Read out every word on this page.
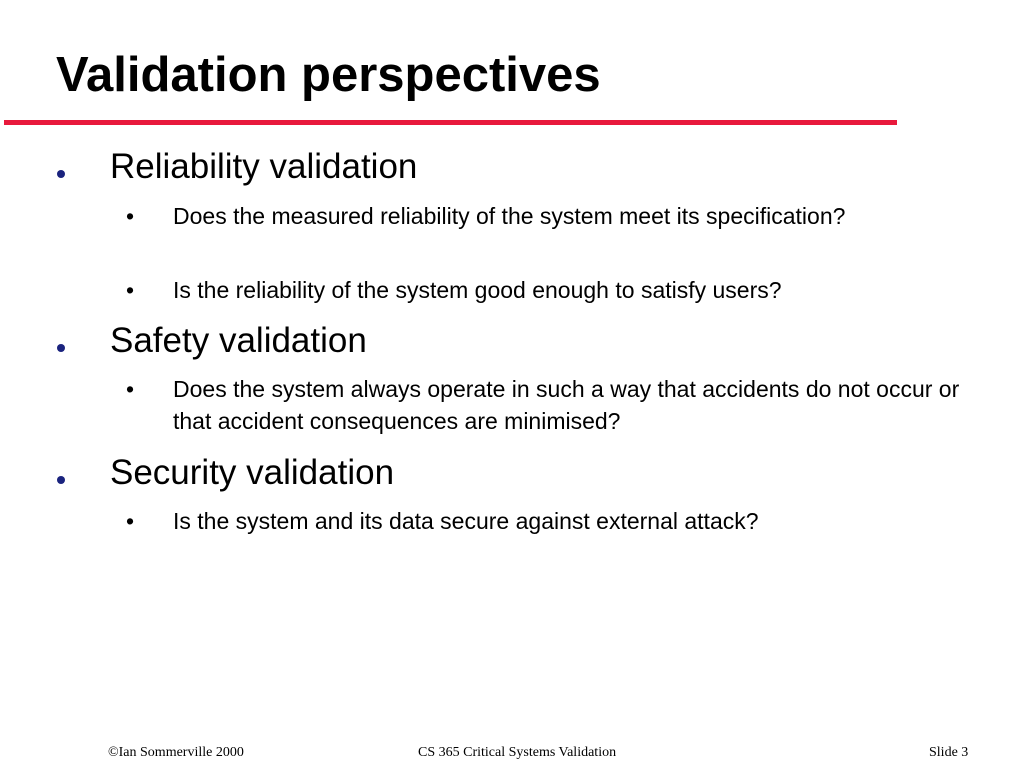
Validation perspectives
Reliability validation
• Does the measured reliability of the system meet its specification?
• Is the reliability of the system good enough to satisfy users?
Safety validation
• Does the system always operate in such a way that accidents do not occur or that accident consequences are minimised?
Security validation
• Is the system and its data secure against external attack?
©Ian Sommerville 2000	CS 365 Critical Systems Validation	Slide 3
